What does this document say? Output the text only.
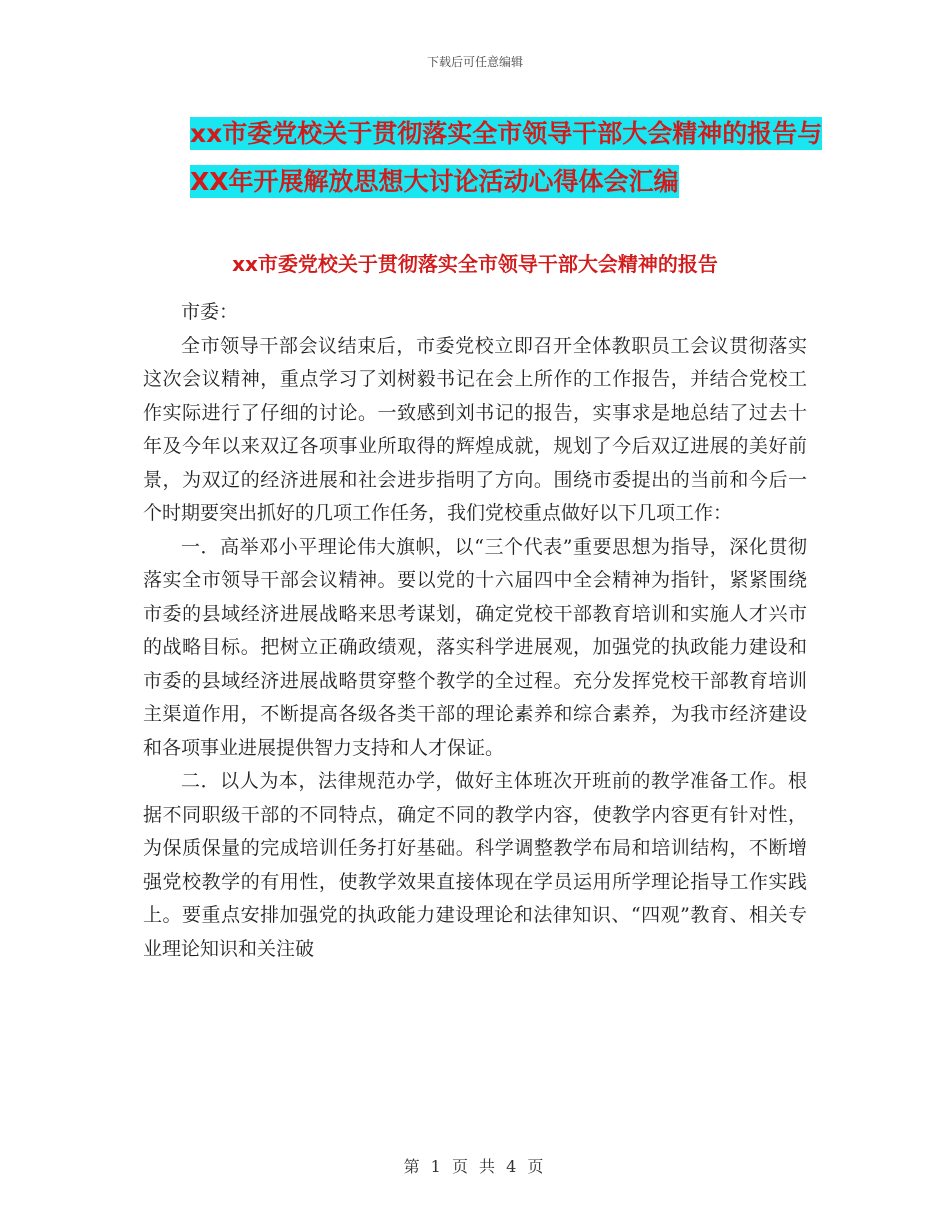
下载后可任意编辑
xx市委党校关于贯彻落实全市领导干部大会精神的报告与XX年开展解放思想大讨论活动心得体会汇编
xx市委党校关于贯彻落实全市领导干部大会精神的报告

市委：

全市领导干部会议结束后，市委党校立即召开全体教职员工会议贯彻落实这次会议精神，重点学习了刘树毅书记在会上所作的工作报告，并结合党校工作实际进行了仔细的讨论。一致感到刘书记的报告，实事求是地总结了过去十年及今年以来双辽各项事业所取得的辉煌成就，规划了今后双辽进展的美好前景，为双辽的经济进展和社会进步指明了方向。围绕市委提出的当前和今后一个时期要突出抓好的几项工作任务，我们党校重点做好以下几项工作：

一．高举邓小平理论伟大旗帜，以“三个代表”重要思想为指导，深化贯彻落实全市领导干部会议精神。要以党的十六届四中全会精神为指针，紧紧围绕市委的县域经济进展战略来思考谋划，确定党校干部教育培训和实施人才兴市的战略目标。把树立正确政绩观，落实科学进展观，加强党的执政能力建设和市委的县域经济进展战略贯穿整个教学的全过程。充分发挥党校干部教育培训主渠道作用，不断提高各级各类干部的理论素养和综合素养，为我市经济建设和各项事业进展提供智力支持和人才保证。

二．以人为本，法律规范办学，做好主体班次开班前的教学准备工作。根据不同职级干部的不同特点，确定不同的教学内容，使教学内容更有针对性，为保质保量的完成培训任务打好基础。科学调整教学布局和培训结构，不断增强党校教学的有用性，使教学效果直接体现在学员运用所学理论指导工作实践上。要重点安排加强党的执政能力建设理论和法律知识、“四观”教育、相关专业理论知识和关注破

第 1 页 共 4 页
